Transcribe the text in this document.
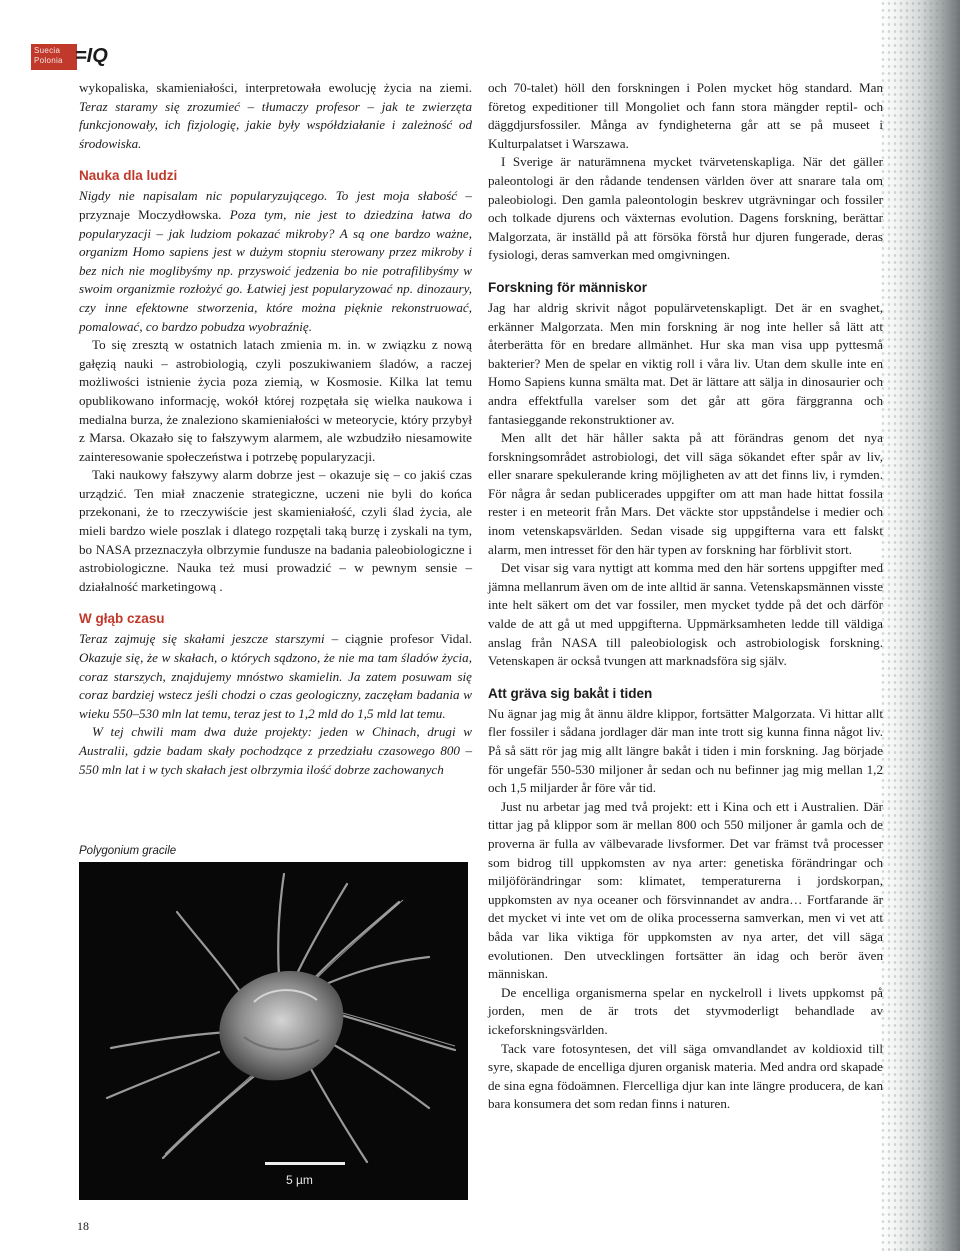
Suecia
Polonia =IQ

wykopaliska, skamieniałości, interpretowała ewolucję życia na ziemi. Teraz staramy się zrozumieć – tłumaczy profesor – jak te zwierzęta funkcjonowały, ich fizjologię, jakie były współdziałanie i zależność od środowiska.

Nauka dla ludzi

Nigdy nie napisalam nic popularyzującego. To jest moja słabość – przyznaje Moczydłowska. Poza tym, nie jest to dziedzina łatwa do popularyzacji – jak ludziom pokazać mikroby? A są one bardzo ważne, organizm Homo sapiens jest w dużym stopniu sterowany przez mikroby i bez nich nie moglibyśmy np. przyswoić jedzenia bo nie potrafilibyśmy w swoim organizmie rozłożyć go. Łatwiej jest popularyzować np. dinozaury, czy inne efektowne stworzenia, które można pięknie rekonstruować, pomalować, co bardzo pobudza wyobraźnię.

To się zresztą w ostatnich latach zmienia m. in. w związku z nową gałęzią nauki – astrobiologią, czyli poszukiwaniem śladów, a raczej możliwości istnienie życia poza ziemią, w Kosmosie. Kilka lat temu opublikowano informację, wokół której rozpętała się wielka naukowa i medialna burza, że znaleziono skamieniałości w meteorycie, który przybył z Marsa. Okazało się to fałszywym alarmem, ale wzbudziło niesamowite zainteresowanie społeczeństwa i potrzebę popularyzacji.

Taki naukowy fałszywy alarm dobrze jest – okazuje się – co jakiś czas urządzić. Ten miał znaczenie strategiczne, uczeni nie byli do końca przekonani, że to rzeczywiście jest skamieniałość, czyli ślad życia, ale mieli bardzo wiele poszlak i dlatego rozpętali taką burzę i zyskali na tym, bo NASA przeznaczyła olbrzymie fundusze na badania paleobiologiczne i astrobiologiczne. Nauka też musi prowadzić – w pewnym sensie – działalność marketingową .

W głąb czasu

Teraz zajmuję się skałami jeszcze starszymi – ciągnie profesor Vidal. Okazuje się, że w skałach, o których sądzono, że nie ma tam śladów życia, coraz starszych, znajdujemy mnóstwo skamielin. Ja zatem posuwam się coraz bardziej wstecz jeśli chodzi o czas geologiczny, zaczęłam badania w wieku 550–530 mln lat temu, teraz jest to 1,2 mld do 1,5 mld lat temu.

W tej chwili mam dwa duże projekty: jeden w Chinach, drugi w Australii, gdzie badam skały pochodzące z przedziału czasowego 800 – 550 mln lat i w tych skałach jest olbrzymia ilość dobrze zachowanych

Polygonium gracile
5 µm

och 70-talet) höll den forskningen i Polen mycket hög standard. Man företog expeditioner till Mongoliet och fann stora mängder reptil- och däggdjursfossiler. Många av fyndigheterna går att se på museet i Kulturpalatset i Warszawa.

I Sverige är naturämnena mycket tvärvetenskapliga. När det gäller paleontologi är den rådande tendensen världen över att snarare tala om paleobiologi. Den gamla paleontologin beskrev utgrävningar och fossiler och tolkade djurens och växternas evolution. Dagens forskning, berättar Malgorzata, är inställd på att försöka förstå hur djuren fungerade, deras fysiologi, deras samverkan med omgivningen.

Forskning för människor

Jag har aldrig skrivit något populärvetenskapligt. Det är en svaghet, erkänner Malgorzata. Men min forskning är nog inte heller så lätt att återberätta för en bredare allmänhet. Hur ska man visa upp pyttesmå bakterier? Men de spelar en viktig roll i våra liv. Utan dem skulle inte en Homo Sapiens kunna smälta mat. Det är lättare att sälja in dinosaurier och andra effektfulla varelser som det går att göra färggranna och fantasieggande rekonstruktioner av.

Men allt det här håller sakta på att förändras genom det nya forskningsområdet astrobiologi, det vill säga sökandet efter spår av liv, eller snarare spekulerande kring möjligheten av att det finns liv, i rymden. För några år sedan publicerades uppgifter om att man hade hittat fossila rester i en meteorit från Mars. Det väckte stor uppståndelse i medier och inom vetenskapsvärlden. Sedan visade sig uppgifterna vara ett falskt alarm, men intresset för den här typen av forskning har förblivit stort.

Det visar sig vara nyttigt att komma med den här sortens uppgifter med jämna mellanrum även om de inte alltid är sanna. Vetenskapsmännen visste inte helt säkert om det var fossiler, men mycket tydde på det och därför valde de att gå ut med uppgifterna. Uppmärksamheten ledde till väldiga anslag från NASA till paleobiologisk och astrobiologisk forskning. Vetenskapen är också tvungen att marknadsföra sig själv.

Att gräva sig bakåt i tiden

Nu ägnar jag mig åt ännu äldre klippor, fortsätter Malgorzata. Vi hittar allt fler fossiler i sådana jordlager där man inte trott sig kunna finna något liv. På så sätt rör jag mig allt längre bakåt i tiden i min forskning. Jag började för ungefär 550-530 miljoner år sedan och nu befinner jag mig mellan 1,2 och 1,5 miljarder år före vår tid.

Just nu arbetar jag med två projekt: ett i Kina och ett i Australien. Där tittar jag på klippor som är mellan 800 och 550 miljoner år gamla och de proverna är fulla av välbevarade livsformer. Det var främst två processer som bidrog till uppkomsten av nya arter: genetiska förändringar och miljöförändringar som: klimatet, temperaturerna i jordskorpan, uppkomsten av nya oceaner och försvinnandet av andra… Fortfarande är det mycket vi inte vet om de olika processerna samverkan, men vi vet att båda var lika viktiga för uppkomsten av nya arter, det vill säga evolutionen. Den utvecklingen fortsätter än idag och berör även människan.

De encelliga organismerna spelar en nyckelroll i livets uppkomst på jorden, men de är trots det styvmoderligt behandlade av ickeforskningsvärlden.

Tack vare fotosyntesen, det vill säga omvandlandet av koldioxid till syre, skapade de encelliga djuren organisk materia. Med andra ord skapade de sina egna födoämnen. Flercelliga djur kan inte längre producera, de kan bara konsumera det som redan finns i naturen.

18
